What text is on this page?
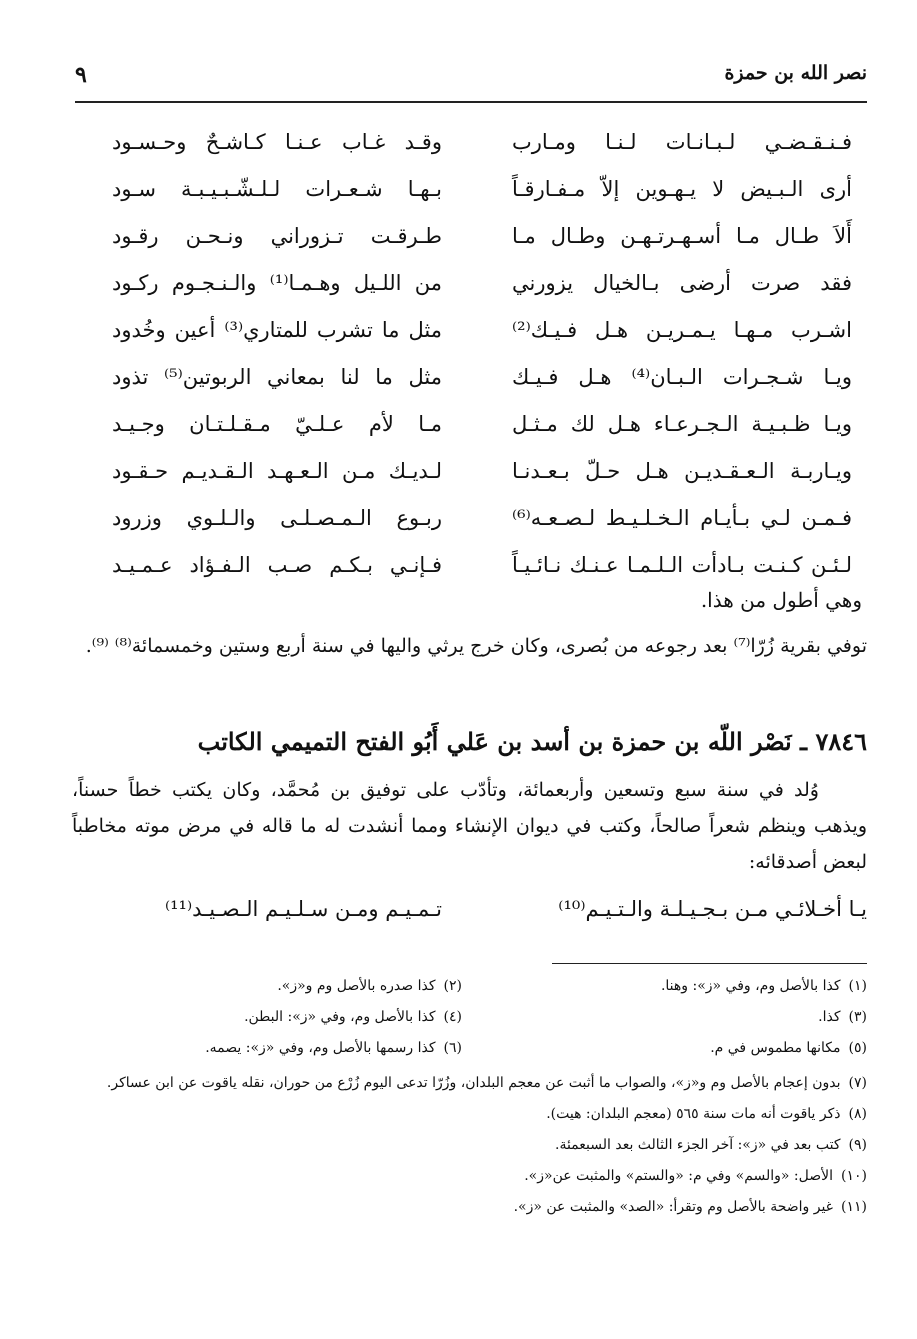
نصر الله بن حمزة
٩
فـنـقـضـي لـبـانـات لـنـا ومـارب
وقـد غـاب عـنـا كـاشـحٌ وحـسـود
أرى الـبـيض لا يـهـوين إلاّ مـفـارقـاً
بـهـا شـعـرات لـلـشّـبـيـبـة سـود
أَلاَ طـال مـا أسـهـرتـهـن وطـال مـا
طـرقـت تـزوراني ونـحـن رقـود
فقد صرت أرضى بـالخيال يزورني
من اللـيل وهـمـا⁽¹⁾ والـنـجـوم ركـود
اشـرب مـهـا يـمـريـن هـل فـيـك⁽²⁾
مثل ما تشرب للمتاري⁽³⁾ أعين وخُدود
ويـا شـجـرات الـبـان⁽⁴⁾ هـل فـيـك
مثل ما لنا بمعاني الربوتين⁽⁵⁾ تذود
ويـا ظـبـيـة الـجـرعـاء هـل لك مـثـل
مـا لأم عـلـيّ مـقـلـتـان وجـيـد
ويـاربـة الـعـقـديـن هـل حـلّ بـعـدنـا
لـديـك مـن الـعـهـد الـقـديـم حـقـود
فـمـن لـي بـأيـام الـخـلـيـط لـصـعـه⁽⁶⁾
ربـوع الـمـصـلـى والـلـوي وزرود
لـئـن كـنـت بـادأت الـلـمـا عـنـك نـائـيـاً
فـإنـي بـكـم صـب الـفـؤاد عـمـيـد
وهي أطول من هذا.
توفي بقرية زُرّا⁽⁷⁾ بعد رجوعه من بُصرى، وكان خرج يرثي واليها في سنة أربع وستين وخمسمائة⁽⁸⁾ ⁽⁹⁾.
٧٨٤٦ ـ نَصْر اللّه بن حمزة بن أسد بن عَلي أَبُو الفتح التميمي الكاتب
وُلد في سنة سبع وتسعين وأربعمائة، وتأدّب على توفيق بن مُحمَّد، وكان يكتب خطاً حسناً، ويذهب وينظم شعراً صالحاً، وكتب في ديوان الإنشاء ومما أنشدت له ما قاله في مرض موته مخاطباً لبعض أصدقائه:
يـا أخـلائـي مـن بـجـيـلـة والـتـيـم⁽¹⁰⁾
تـمـيـم ومـن سـلـيـم الـصـيـد⁽¹¹⁾
(١)كذا بالأصل وم، وفي «ز»: وهنا.
(٢)كذا صدره بالأصل وم و«ز».
(٣)كذا.
(٤)كذا بالأصل وم، وفي «ز»: البطن.
(٥)مكانها مطموس في م.
(٦)كذا رسمها بالأصل وم، وفي «ز»: يصمه.
(٧)بدون إعجام بالأصل وم و«ز»، والصواب ما أثبت عن معجم البلدان، وزُرّا تدعى اليوم زُرْع من حوران، نقله ياقوت عن ابن عساكر.
(٨)ذكر ياقوت أنه مات سنة ٥٦٥ (معجم البلدان: هيت).
(٩)كتب بعد في «ز»: آخر الجزء الثالث بعد السبعمئة.
(١٠)الأصل: «والسم» وفي م: «والستم» والمثبت عن«ز».
(١١)غير واضحة بالأصل وم وتقرأ: «الصد» والمثبت عن «ز».
